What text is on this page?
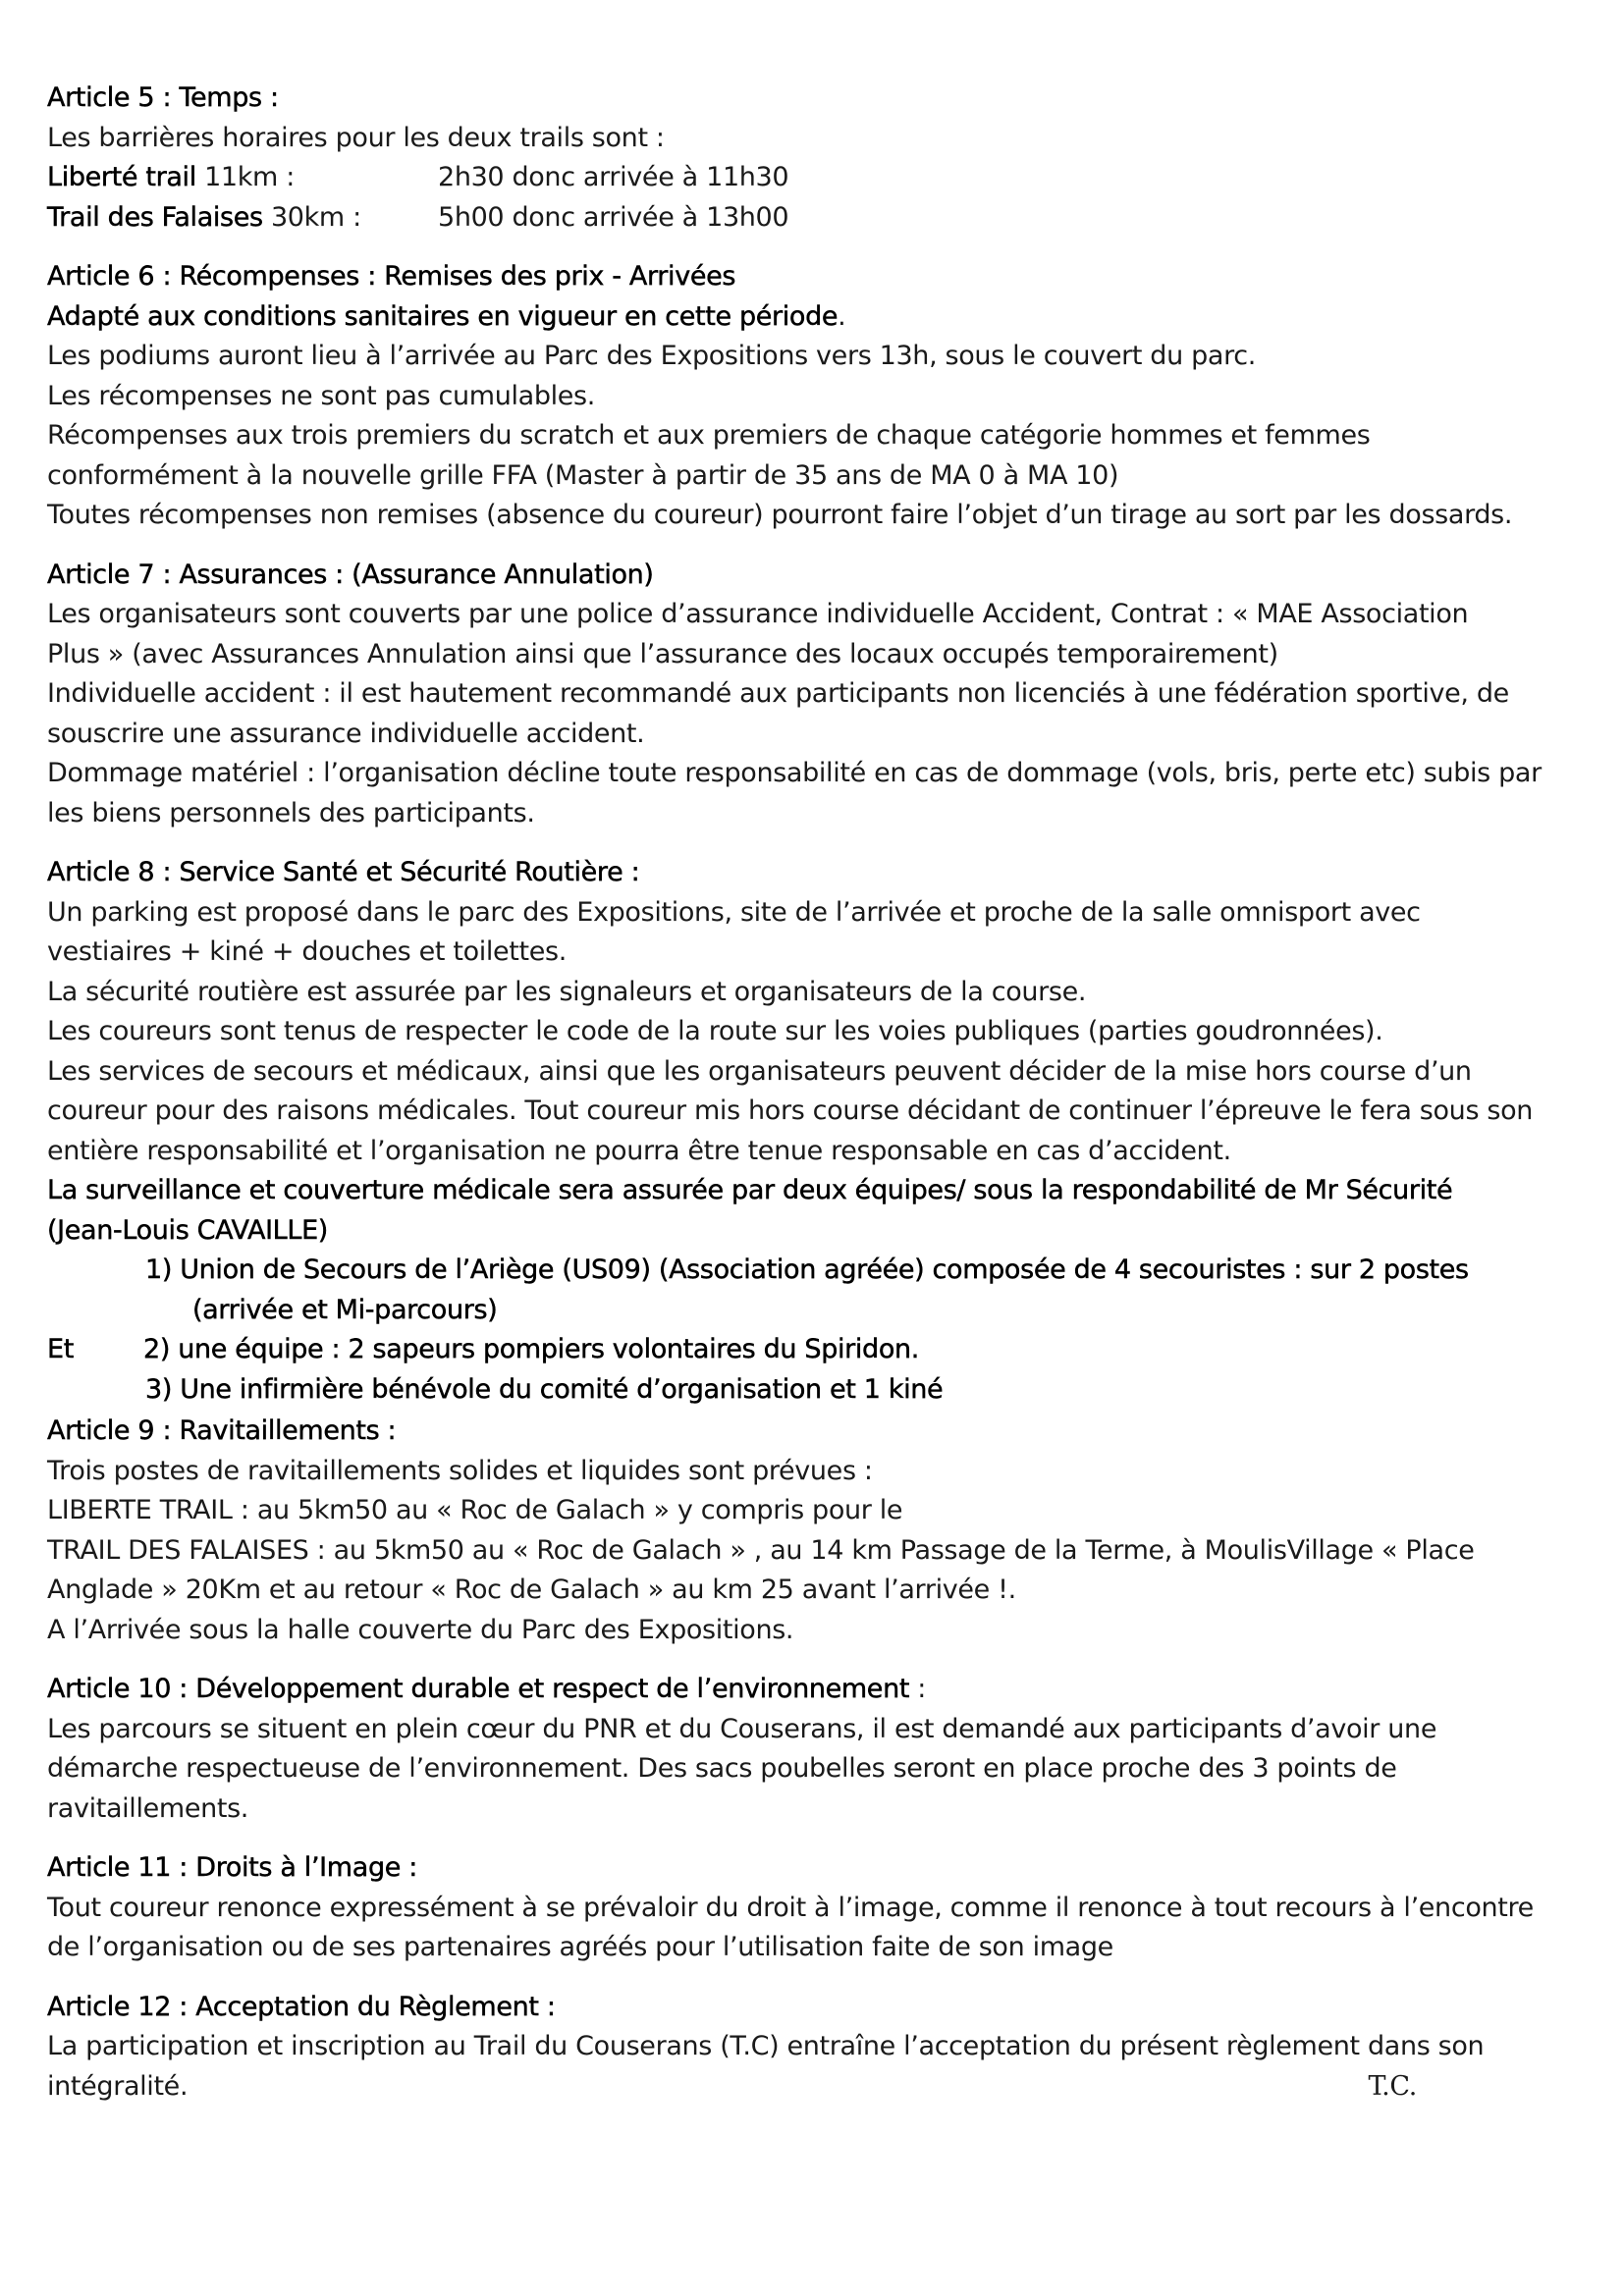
Article 5 : Temps :
Les barrières horaires pour les deux trails sont :
Liberté trail 11km :	2h30 donc arrivée à 11h30
Trail des Falaises 30km :	5h00 donc arrivée à 13h00
Article 6 : Récompenses : Remises des prix - Arrivées
Adapté aux conditions sanitaires en vigueur en cette période.
Les podiums auront lieu à l’arrivée au Parc des Expositions vers 13h, sous le couvert du parc.
Les récompenses ne sont pas cumulables.
Récompenses aux trois premiers du scratch et aux premiers de chaque catégorie hommes et femmes
conformément à la nouvelle grille FFA (Master à partir de 35 ans de MA 0 à MA 10)
Toutes récompenses non remises (absence du coureur) pourront faire l’objet d’un tirage au sort par les dossards.
Article 7 : Assurances : (Assurance Annulation)
Les organisateurs sont couverts par une police d’assurance individuelle Accident, Contrat : « MAE Association
Plus » (avec Assurances Annulation ainsi que l’assurance des locaux occupés temporairement)
Individuelle accident : il est hautement recommandé aux participants non licenciés à une fédération sportive, de
souscrire une assurance individuelle accident.
Dommage matériel : l’organisation décline toute responsabilité en cas de dommage (vols, bris, perte etc) subis par
les biens personnels des participants.
Article 8 : Service Santé et Sécurité Routière :
Un parking est proposé dans le parc des Expositions, site de l’arrivée et proche de la salle omnisport avec
vestiaires + kiné + douches et toilettes.
La sécurité routière est assurée par les signaleurs et organisateurs de la course.
Les coureurs sont tenus de respecter le code de la route sur les voies publiques (parties goudronnées).
Les services de secours et médicaux, ainsi que les organisateurs peuvent décider de la mise hors course d’un
coureur pour des raisons médicales. Tout coureur mis hors course décidant de continuer l’épreuve le fera sous son
entière responsabilité et l’organisation ne pourra être tenue responsable en cas d’accident.
La surveillance et couverture médicale sera assurée par deux équipes/ sous la respondabilité de Mr Sécurité
(Jean-Louis CAVAILLE)
1) Union de Secours de l’Ariège (US09) (Association agréée) composée de 4 secouristes : sur 2 postes
(arrivée et Mi-parcours)
Et	2) une équipe : 2 sapeurs pompiers volontaires du Spiridon.
3) Une infirmière bénévole du comité d’organisation et 1 kiné
Article 9 : Ravitaillements :
Trois postes de ravitaillements solides et liquides sont prévues :
LIBERTE TRAIL : au 5km50 au « Roc de Galach » y compris pour le
TRAIL DES FALAISES : au 5km50 au « Roc de Galach » , au 14 km Passage de la Terme, à MoulisVillage « Place
Anglade » 20Km et au retour « Roc de Galach » au km 25 avant l’arrivée !.
A l’Arrivée sous la halle couverte du Parc des Expositions.
Article 10 : Développement durable et respect de l’environnement :
Les parcours se situent en plein cœur du PNR et du Couserans, il est demandé aux participants d’avoir une
démarche respectueuse de l’environnement. Des sacs poubelles seront en place proche des 3 points de
ravitaillements.
Article 11 : Droits à l’Image :
Tout coureur renonce expressément à se prévaloir du droit à l’image, comme il renonce à tout recours à l’encontre
de l’organisation ou de ses partenaires agréés pour l’utilisation faite de son image
Article 12 : Acceptation du Règlement :
La participation et inscription au Trail du Couserans (T.C) entraîne l’acceptation du présent règlement dans son
intégralité.	T.C.
